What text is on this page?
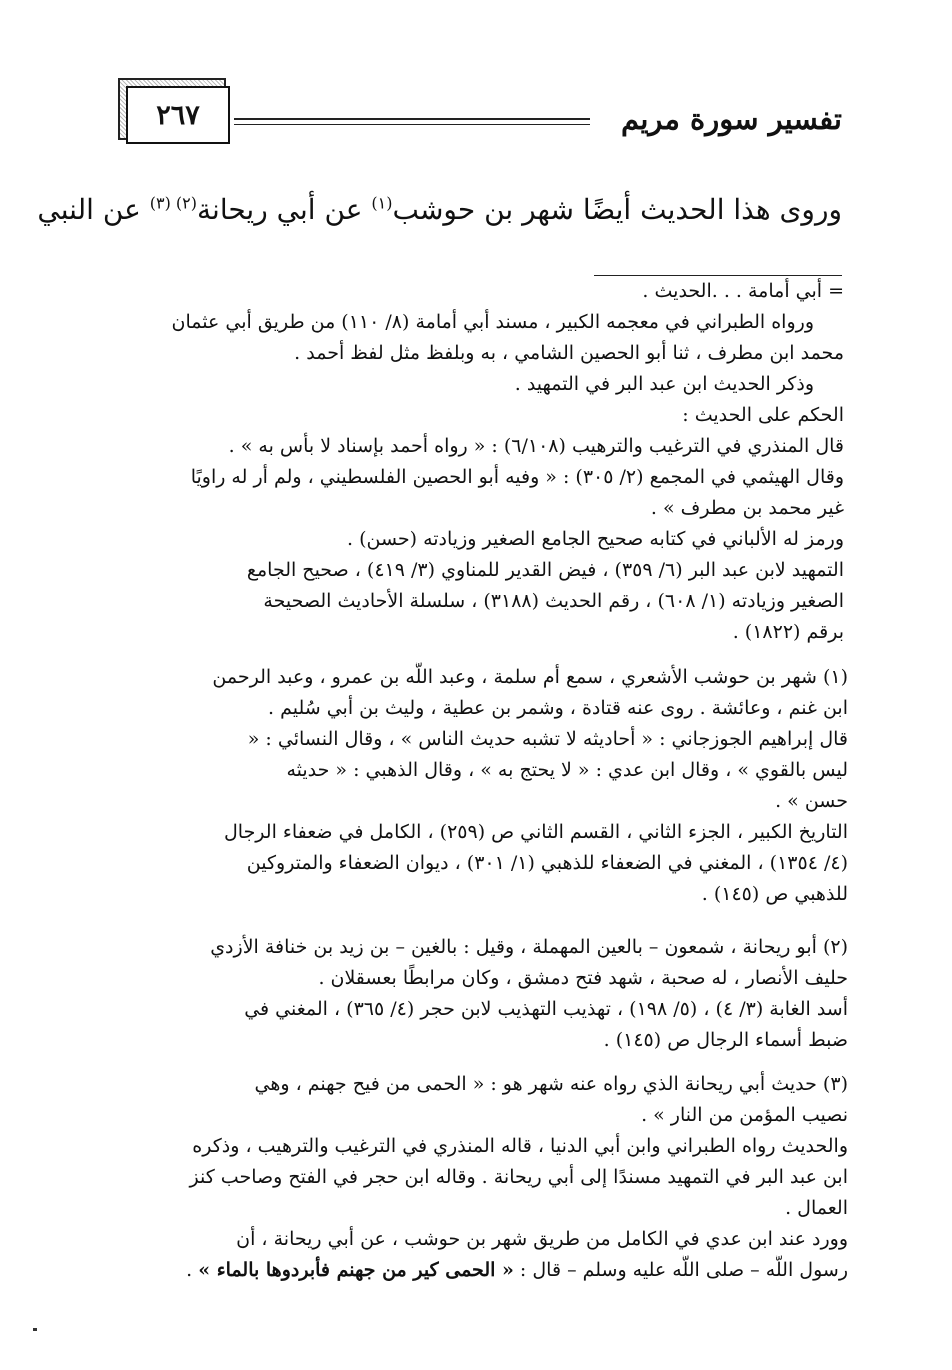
٢٦٧	تفسير سورة مريم
وروى هذا الحديث أيضًا شهر بن حوشب$^{(١)}$ عن أبي ريحانة$^{(٢)}$ $^{(٣)}$ عن النبي
= أبي أمامة . . .الحديث .
ورواه الطبراني في معجمه الكبير ، مسند أبي أمامة (٨/ ١١٠) من طريق أبي عثمان
محمد ابن مطرف ، ثنا أبو الحصين الشامي ، به وبلفظ مثل لفظ أحمد .
وذكر الحديث ابن عبد البر في التمهيد .
الحكم على الحديث :
قال المنذري في الترغيب والترهيب (٦/١٠٨) : « رواه أحمد بإسناد لا بأس به » .
وقال الهيثمي في المجمع (٢/ ٣٠٥) : « وفيه أبو الحصين الفلسطيني ، ولم أر له راويًا
غير محمد بن مطرف » .
ورمز له الألباني في كتابه صحيح الجامع الصغير وزيادته (حسن) .
التمهيد لابن عبد البر (٦/ ٣٥٩) ، فيض القدير للمناوي (٣/ ٤١٩) ، صحيح الجامع
الصغير وزيادته (١/ ٦٠٨) ، رقم الحديث (٣١٨٨) ، سلسلة الأحاديث الصحيحة
برقم (١٨٢٢) .
(١) شهر بن حوشب الأشعري ، سمع أم سلمة ، وعبد اللَّه بن عمرو ، وعبد الرحمن
ابن غنم ، وعائشة . روى عنه قتادة ، وشمر بن عطية ، وليث بن أبي سُليم .
قال إبراهيم الجوزجاني : « أحاديثه لا تشبه حديث الناس » ، وقال النسائي : «
ليس بالقوي » ، وقال ابن عدي : « لا يحتج به » ، وقال الذهبي : « حديثه
حسن » .
التاريخ الكبير ، الجزء الثاني ، القسم الثاني ص (٢٥٩) ، الكامل في ضعفاء الرجال
(٤/ ١٣٥٤) ، المغني في الضعفاء للذهبي (١/ ٣٠١) ، ديوان الضعفاء والمتروكين
للذهبي ص (١٤٥) .
(٢) أبو ريحانة ، شمعون – بالعين المهملة ، وقيل : بالغين – بن زيد بن خنافة الأزدي
حليف الأنصار ، له صحبة ، شهد فتح دمشق ، وكان مرابطًا بعسقلان .
أسد الغابة (٣/ ٤) ، (٥/ ١٩٨) ، تهذيب التهذيب لابن حجر (٤/ ٣٦٥) ، المغني في
ضبط أسماء الرجال ص (١٤٥) .
(٣) حديث أبي ريحانة الذي رواه عنه شهر هو : « الحمى من فيح جهنم ، وهي
نصيب المؤمن من النار » .
والحديث رواه الطبراني وابن أبي الدنيا ، قاله المنذري في الترغيب والترهيب ، وذكره
ابن عبد البر في التمهيد مسندًا إلى أبي ريحانة . وقاله ابن حجر في الفتح وصاحب كنز
العمال .
وورد عند ابن عدي في الكامل من طريق شهر بن حوشب ، عن أبي ريحانة ، أن
رسول اللَّه – صلى اللَّه عليه وسلم – قال : « الحمى كير من جهنم فأبردوها بالماء » .
